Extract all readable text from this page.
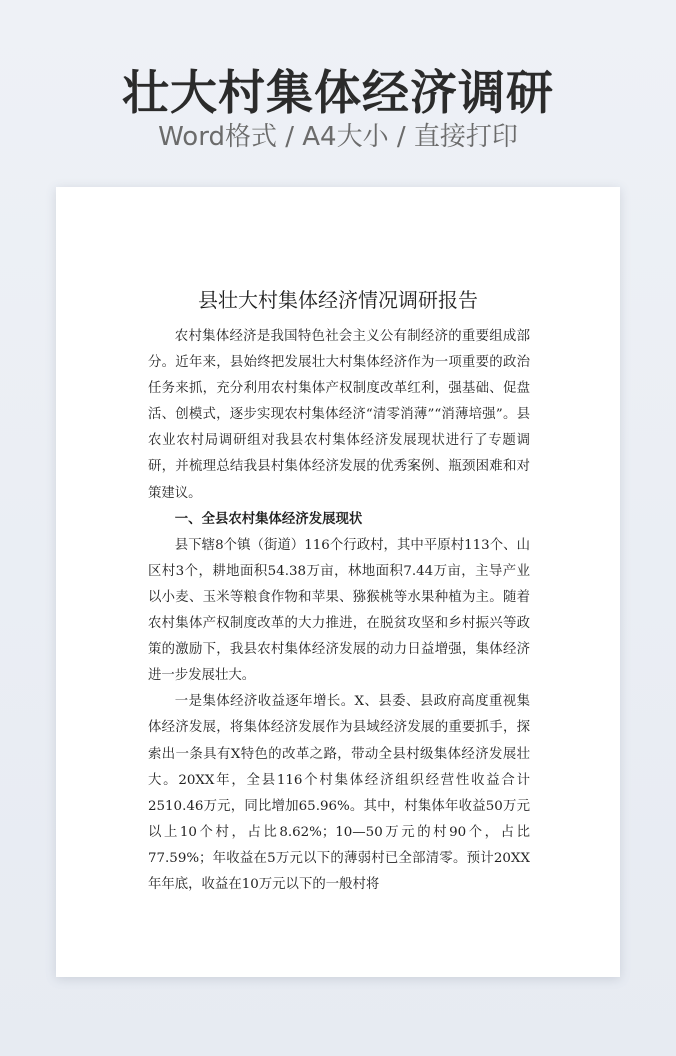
壮大村集体经济调研
Word格式 / A4大小 / 直接打印
县壮大村集体经济情况调研报告

农村集体经济是我国特色社会主义公有制经济的重要组成部分。近年来，县始终把发展壮大村集体经济作为一项重要的政治任务来抓，充分利用农村集体产权制度改革红利，强基础、促盘活、创模式，逐步实现农村集体经济“清零消薄”“消薄培强”。县农业农村局调研组对我县农村集体经济发展现状进行了专题调研，并梳理总结我县村集体经济发展的优秀案例、瓶颈困难和对策建议。

一、全县农村集体经济发展现状

县下辖8个镇（街道）116个行政村，其中平原村113个、山区村3个，耕地面积54.38万亩，林地面积7.44万亩，主导产业以小麦、玉米等粮食作物和苹果、猕猴桃等水果种植为主。随着农村集体产权制度改革的大力推进，在脱贫攻坚和乡村振兴等政策的激励下，我县农村集体经济发展的动力日益增强，集体经济进一步发展壮大。

一是集体经济收益逐年增长。X、县委、县政府高度重视集体经济发展，将集体经济发展作为县域经济发展的重要抓手，探索出一条具有X特色的改革之路，带动全县村级集体经济发展壮大。20XX年，全县116个村集体经济组织经营性收益合计2510.46万元，同比增加65.96%。其中，村集体年收益50万元以上10个村，占比8.62%；10—50万元的村90个，占比77.59%；年收益在5万元以下的薄弱村已全部清零。预计20XX年年底，收益在10万元以下的一般村将
